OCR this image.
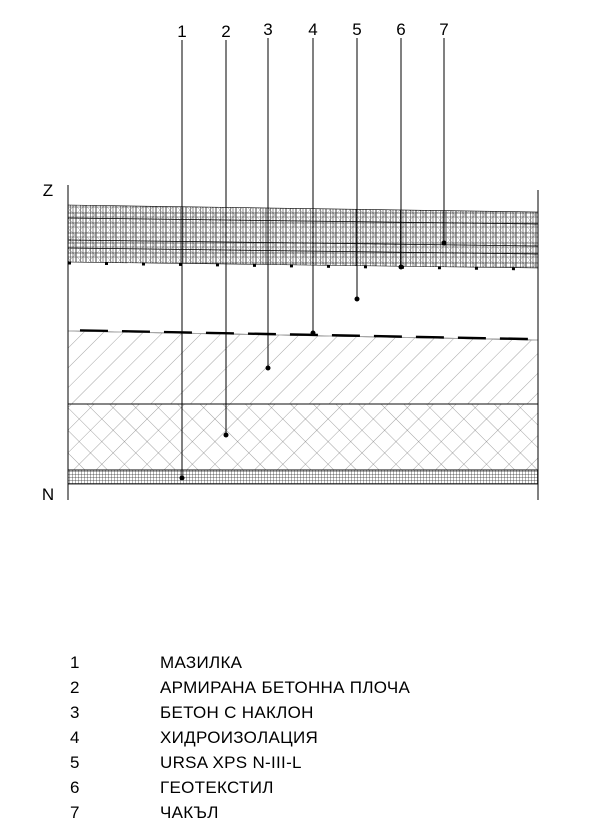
1 2 3 4 5 6 7
Z
N
1	МАЗИЛКА
2	АРМИРАНА БЕТОННА ПЛОЧА
3	БЕТОН С НАКЛОН
4	ХИДРОИЗОЛАЦИЯ
5	URSA XPS N-III-L
6	ГЕОТЕКСТИЛ
7	ЧАКЪЛ
